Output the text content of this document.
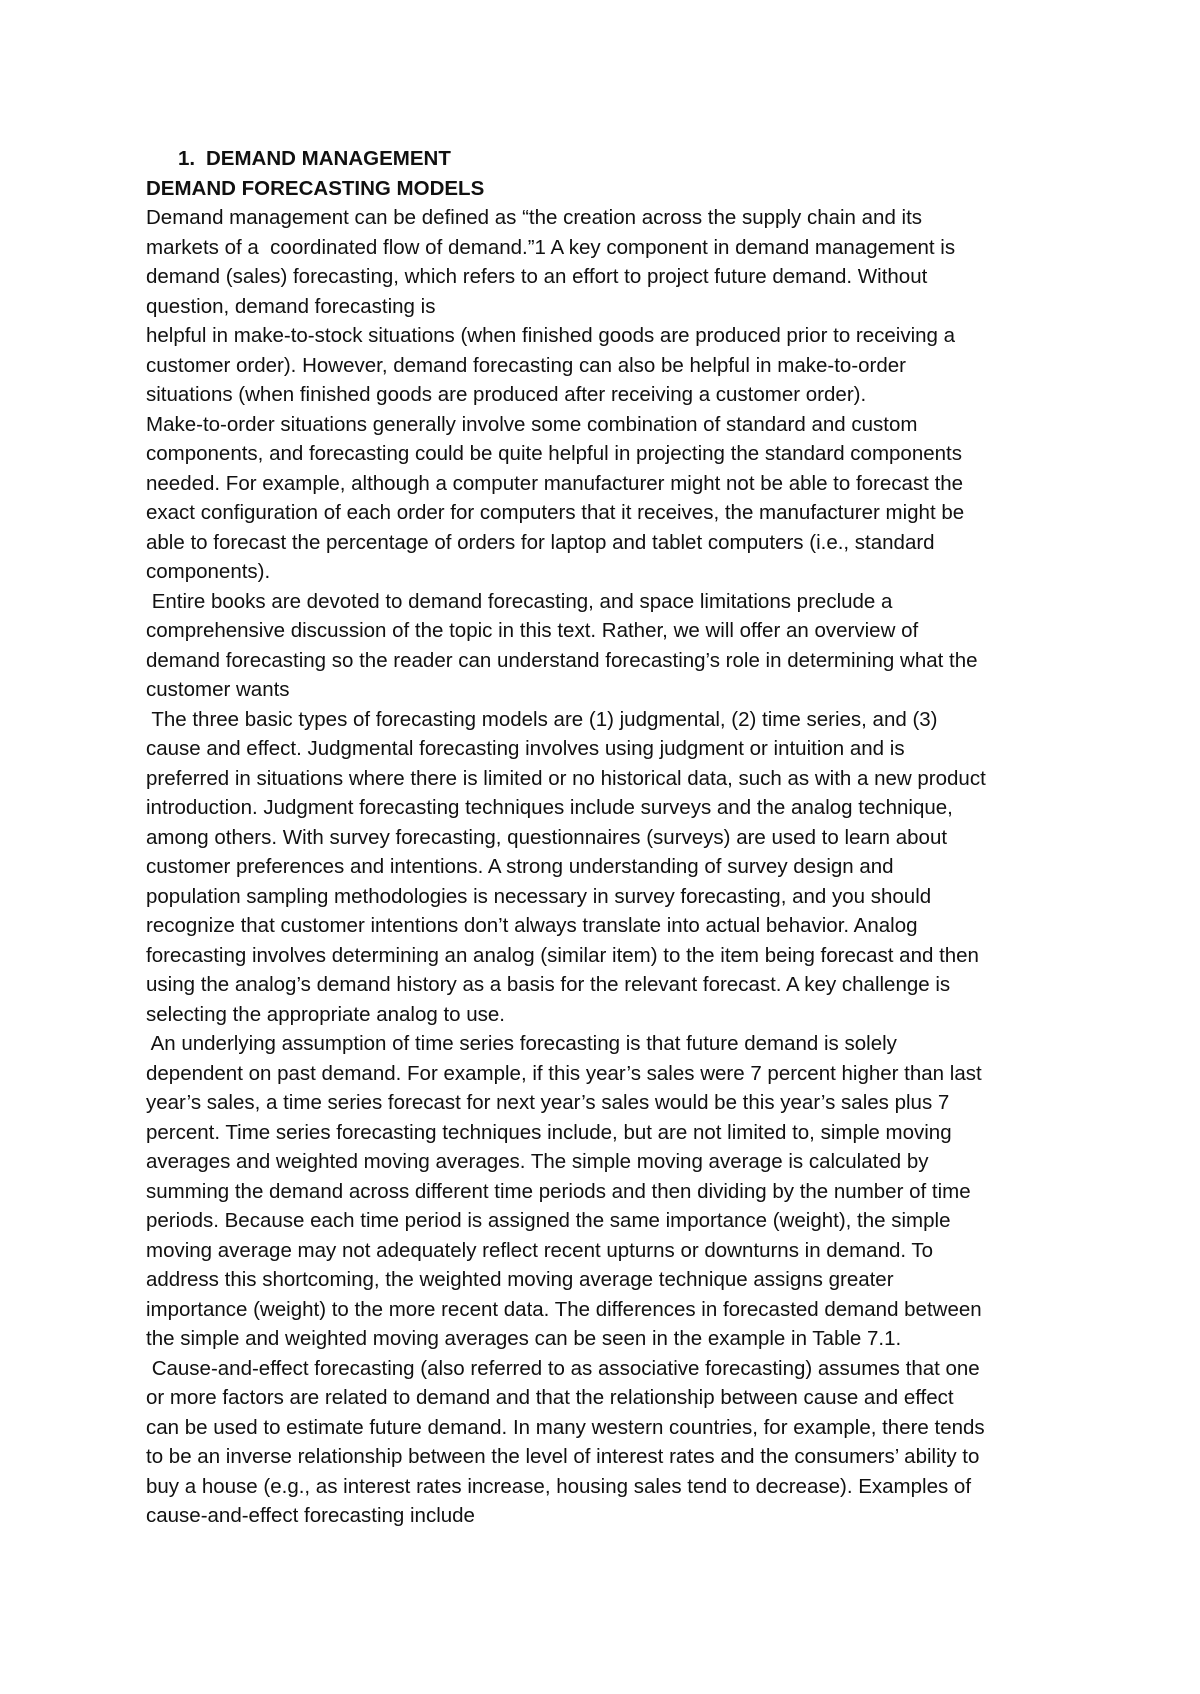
1. DEMAND MANAGEMENT
DEMAND FORECASTING MODELS
Demand management can be defined as “the creation across the supply chain and its
markets of a  coordinated flow of demand.”1 A key component in demand management is
demand (sales) forecasting, which refers to an effort to project future demand. Without
question, demand forecasting is
helpful in make-to-stock situations (when finished goods are produced prior to receiving a
customer order). However, demand forecasting can also be helpful in make-to-order
situations (when finished goods are produced after receiving a customer order).
Make-to-order situations generally involve some combination of standard and custom
components, and forecasting could be quite helpful in projecting the standard components
needed. For example, although a computer manufacturer might not be able to forecast the
exact configuration of each order for computers that it receives, the manufacturer might be
able to forecast the percentage of orders for laptop and tablet computers (i.e., standard
components).
Entire books are devoted to demand forecasting, and space limitations preclude a
comprehensive discussion of the topic in this text. Rather, we will offer an overview of
demand forecasting so the reader can understand forecasting’s role in determining what the
customer wants
The three basic types of forecasting models are (1) judgmental, (2) time series, and (3)
cause and effect. Judgmental forecasting involves using judgment or intuition and is
preferred in situations where there is limited or no historical data, such as with a new product
introduction. Judgment forecasting techniques include surveys and the analog technique,
among others. With survey forecasting, questionnaires (surveys) are used to learn about
customer preferences and intentions. A strong understanding of survey design and
population sampling methodologies is necessary in survey forecasting, and you should
recognize that customer intentions don’t always translate into actual behavior. Analog
forecasting involves determining an analog (similar item) to the item being forecast and then
using the analog’s demand history as a basis for the relevant forecast. A key challenge is
selecting the appropriate analog to use.
An underlying assumption of time series forecasting is that future demand is solely
dependent on past demand. For example, if this year’s sales were 7 percent higher than last
year’s sales, a time series forecast for next year’s sales would be this year’s sales plus 7
percent. Time series forecasting techniques include, but are not limited to, simple moving
averages and weighted moving averages. The simple moving average is calculated by
summing the demand across different time periods and then dividing by the number of time
periods. Because each time period is assigned the same importance (weight), the simple
moving average may not adequately reflect recent upturns or downturns in demand. To
address this shortcoming, the weighted moving average technique assigns greater
importance (weight) to the more recent data. The differences in forecasted demand between
the simple and weighted moving averages can be seen in the example in Table 7.1.
Cause-and-effect forecasting (also referred to as associative forecasting) assumes that one
or more factors are related to demand and that the relationship between cause and effect
can be used to estimate future demand. In many western countries, for example, there tends
to be an inverse relationship between the level of interest rates and the consumers’ ability to
buy a house (e.g., as interest rates increase, housing sales tend to decrease). Examples of
cause-and-effect forecasting include
